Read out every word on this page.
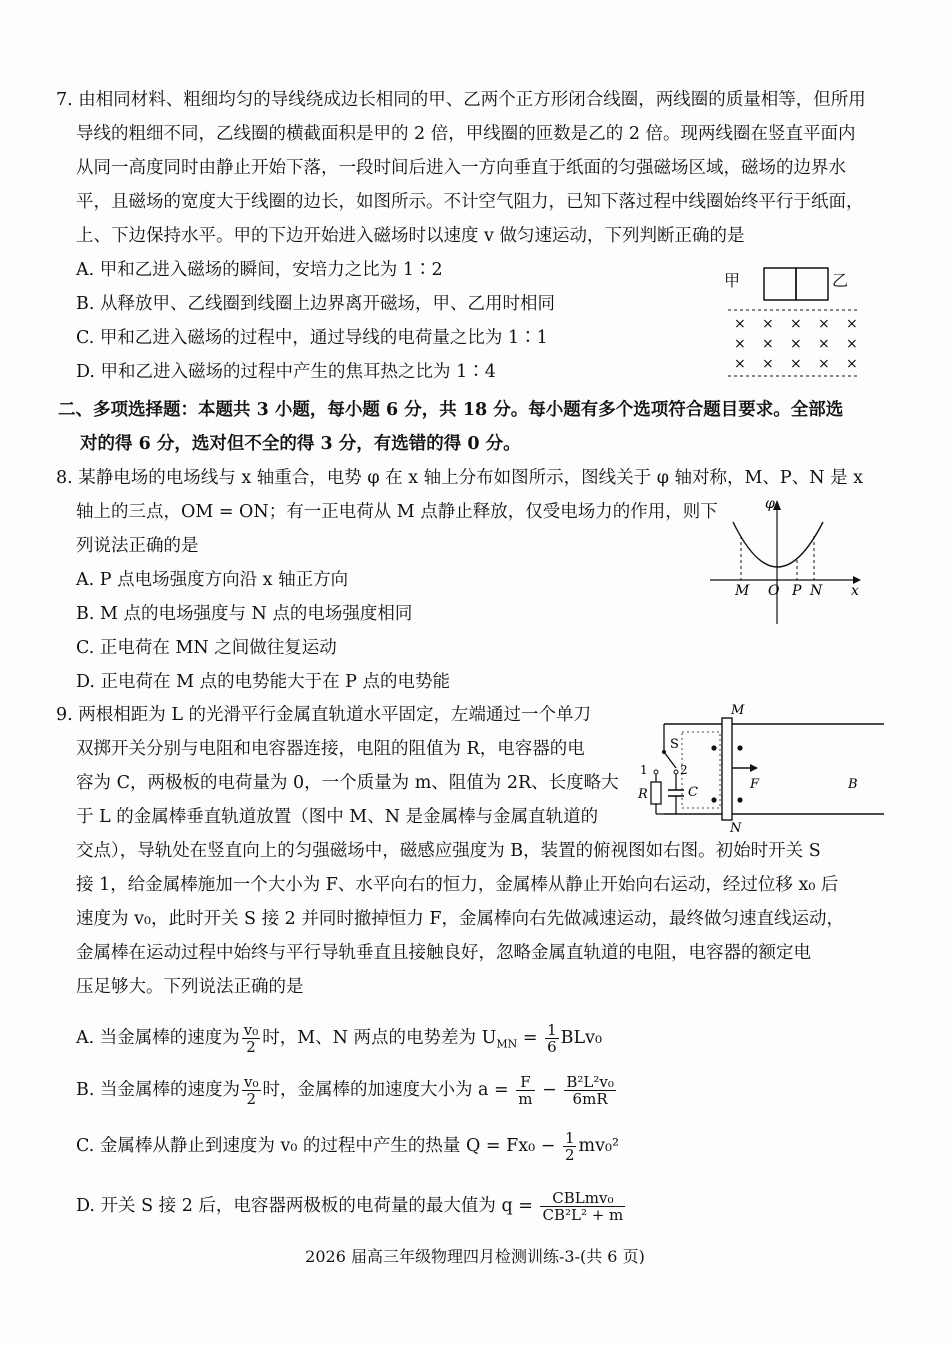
7. 由相同材料、粗细均匀的导线绕成边长相同的甲、乙两个正方形闭合线圈，两线圈的质量相等，但所用
导线的粗细不同，乙线圈的横截面积是甲的 2 倍，甲线圈的匝数是乙的 2 倍。现两线圈在竖直平面内
从同一高度同时由静止开始下落，一段时间后进入一方向垂直于纸面的匀强磁场区域，磁场的边界水
平，且磁场的宽度大于线圈的边长，如图所示。不计空气阻力，已知下落过程中线圈始终平行于纸面，
上、下边保持水平。甲的下边开始进入磁场时以速度 v 做匀速运动，下列判断正确的是
A. 甲和乙进入磁场的瞬间，安培力之比为 1∶2
B. 从释放甲、乙线圈到线圈上边界离开磁场，甲、乙用时相同
C. 甲和乙进入磁场的过程中，通过导线的电荷量之比为 1∶1
D. 甲和乙进入磁场的过程中产生的焦耳热之比为 1∶4
甲	乙
× × × × ×
× × × × ×
× × × × ×
二、多项选择题：本题共 3 小题，每小题 6 分，共 18 分。每小题有多个选项符合题目要求。全部选
对的得 6 分，选对但不全的得 3 分，有选错的得 0 分。
8. 某静电场的电场线与 x 轴重合，电势 φ 在 x 轴上分布如图所示，图线关于 φ 轴对称，M、P、N 是 x
轴上的三点，OM = ON；有一正电荷从 M 点静止释放，仅受电场力的作用，则下
列说法正确的是
A. P 点电场强度方向沿 x 轴正方向
B. M 点的电场强度与 N 点的电场强度相同
C. 正电荷在 MN 之间做往复运动
D. 正电荷在 M 点的电势能大于在 P 点的电势能
φ
M O P N x
9. 两根相距为 L 的光滑平行金属直轨道水平固定，左端通过一个单刀
双掷开关分别与电阻和电容器连接，电阻的阻值为 R，电容器的电
容为 C，两极板的电荷量为 0，一个质量为 m、阻值为 2R、长度略大
于 L 的金属棒垂直轨道放置（图中 M、N 是金属棒与金属直轨道的
交点），导轨处在竖直向上的匀强磁场中，磁感应强度为 B，装置的俯视图如右图。初始时开关 S
接 1，给金属棒施加一个大小为 F、水平向右的恒力，金属棒从静止开始向右运动，经过位移 x₀ 后
速度为 v₀，此时开关 S 接 2 并同时撤掉恒力 F，金属棒向右先做减速运动，最终做匀速直线运动，
金属棒在运动过程中始终与平行导轨垂直且接触良好，忽略金属直轨道的电阻，电容器的额定电
压足够大。下列说法正确的是
S
1	2
R	C
M
N
F	B
A. 当金属棒的速度为 $\frac{\text{v₀}}{2}$ 时，M、N 两点的电势差为 $U_{MN} = \frac{1}{6} BLv_0$
B. 当金属棒的速度为 $\frac{\text{v₀}}{2}$ 时，金属棒的加速度大小为 $a = \frac{F}{m} - \frac{\text{B²L²v₀}}{6mR}$
C. 金属棒从静止到速度为 v₀ 的过程中产生的热量 $Q = Fx_0 - \frac{1}{2} mv_0^2$
D. 开关 S 接 2 后，电容器两极板的电荷量的最大值为 $q = \frac{\text{CBLmv₀}}{\text{CB²L² + m}}$
2026 届高三年级物理四月检测训练-3-(共 6 页)
